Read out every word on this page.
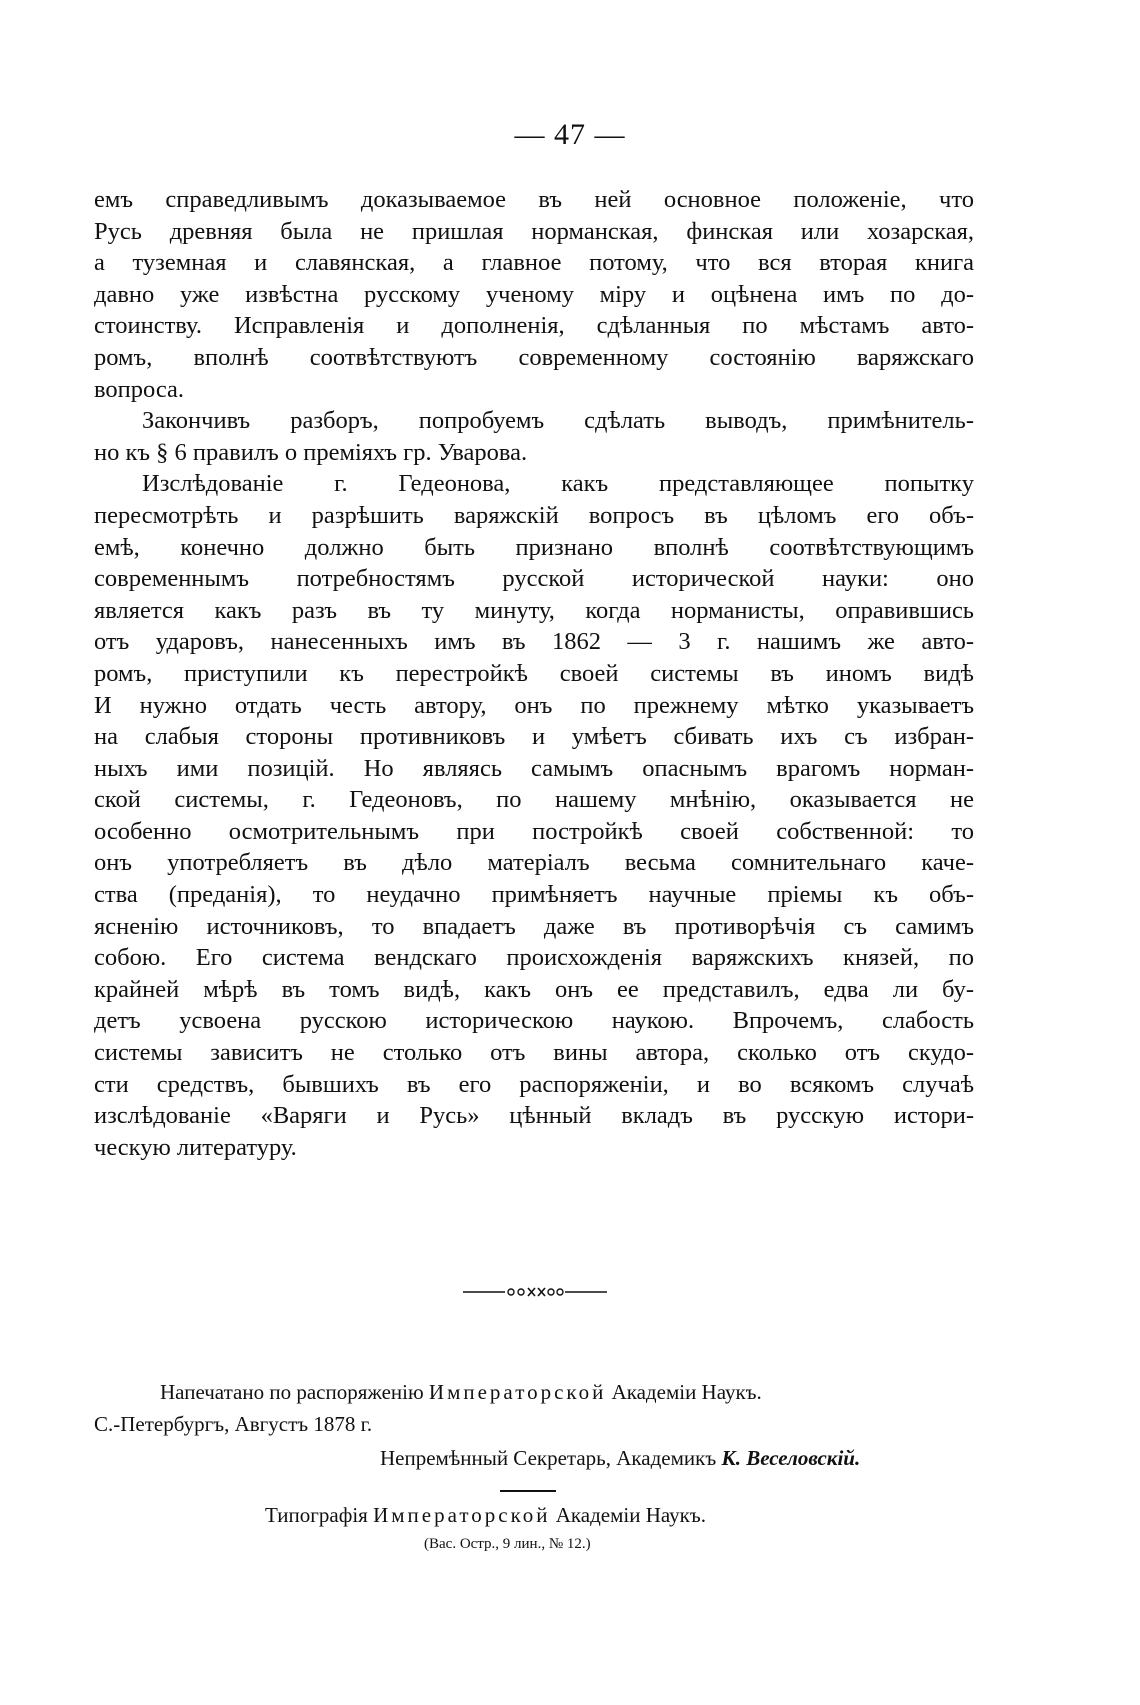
— 47 —
емъ справедливымъ доказываемое въ ней основное положеніе, что
Русь древняя была не пришлая норманская, финская или хозарская,
а туземная и славянская, а главное потому, что вся вторая книга
давно уже извѣстна русскому ученому міру и оцѣнена имъ по до-
стоинству. Исправленія и дополненія, сдѣланныя по мѣстамъ авто-
ромъ, вполнѣ соотвѣтствуютъ современному состоянію варяжскаго
вопроса.
Закончивъ разборъ, попробуемъ сдѣлать выводъ, примѣнитель-
но къ § 6 правилъ о преміяхъ гр. Уварова.
Изслѣдованіе г. Гедеонова, какъ представляющее попытку
пересмотрѣть и разрѣшить варяжскій вопросъ въ цѣломъ его объ-
емѣ, конечно должно быть признано вполнѣ соотвѣтствующимъ
современнымъ потребностямъ русской исторической науки: оно
является какъ разъ въ ту минуту, когда норманисты, оправившись
отъ ударовъ, нанесенныхъ имъ въ 1862 — 3 г. нашимъ же авто-
ромъ, приступили къ перестройкѣ своей системы въ иномъ видѣ
И нужно отдать честь автору, онъ по прежнему мѣтко указываетъ
на слабыя стороны противниковъ и умѣетъ сбивать ихъ съ избран-
ныхъ ими позицій. Но являясь самымъ опаснымъ врагомъ норман-
ской системы, г. Гедеоновъ, по нашему мнѣнію, оказывается не
особенно осмотрительнымъ при постройкѣ своей собственной: то
онъ употребляетъ въ дѣло матеріалъ весьма сомнительнаго каче-
ства (преданія), то неудачно примѣняетъ научные пріемы къ объ-
ясненію источниковъ, то впадаетъ даже въ противорѣчія съ самимъ
собою. Его система вендскаго происхожденія варяжскихъ князей, по
крайней мѣрѣ въ томъ видѣ, какъ онъ ее представилъ, едва ли бу-
детъ усвоена русскою историческою наукою. Впрочемъ, слабость
системы зависитъ не столько отъ вины автора, сколько отъ скудо-
сти средствъ, бывшихъ въ его распоряженіи, и во всякомъ случаѣ
изслѣдованіе «Варяги и Русь» цѣнный вкладъ въ русскую истори-
ческую литературу.
Напечатано по распоряженію Императорской Академіи Наукъ.
С.-Петербургъ, Августъ 1878 г.
Непремѣнный Секретарь, Академикъ К. Веселовскій.
Типографія Императорской Академіи Наукъ.
(Вас. Остр., 9 лин., № 12.)
